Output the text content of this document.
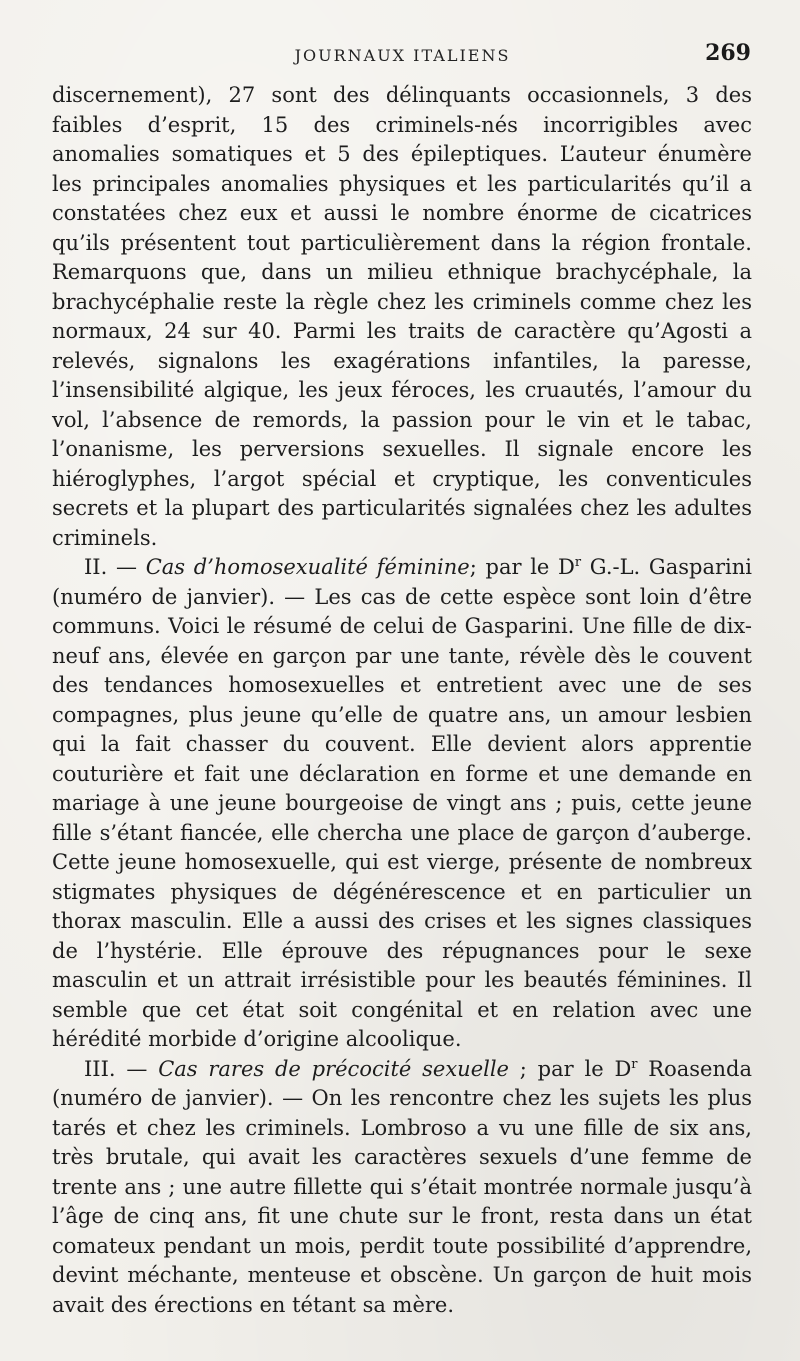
JOURNAUX ITALIENS	269

discernement), 27 sont des délinquants occasionnels, 3 des faibles d’esprit, 15 des criminels-nés incorrigibles avec anomalies somatiques et 5 des épileptiques. L’auteur énumère les principales anomalies physiques et les particularités qu’il a constatées chez eux et aussi le nombre énorme de cicatrices qu’ils présentent tout particulièrement dans la région frontale. Remarquons que, dans un milieu ethnique brachycéphale, la brachycéphalie reste la règle chez les criminels comme chez les normaux, 24 sur 40. Parmi les traits de caractère qu’Agosti a relevés, signalons les exagérations infantiles, la paresse, l’insensibilité algique, les jeux féroces, les cruautés, l’amour du vol, l’absence de remords, la passion pour le vin et le tabac, l’onanisme, les perversions sexuelles. Il signale encore les hiéroglyphes, l’argot spécial et cryptique, les conventicules secrets et la plupart des particularités signalées chez les adultes criminels.

II. — Cas d’homosexualité féminine; par le $D^r$ G.-L. Gasparini (numéro de janvier). — Les cas de cette espèce sont loin d’être communs. Voici le résumé de celui de Gasparini. Une fille de dix-neuf ans, élevée en garçon par une tante, révèle dès le couvent des tendances homosexuelles et entretient avec une de ses compagnes, plus jeune qu’elle de quatre ans, un amour lesbien qui la fait chasser du couvent. Elle devient alors apprentie couturière et fait une déclaration en forme et une demande en mariage à une jeune bourgeoise de vingt ans ; puis, cette jeune fille s’étant fiancée, elle chercha une place de garçon d’auberge. Cette jeune homosexuelle, qui est vierge, présente de nombreux stigmates physiques de dégénérescence et en particulier un thorax masculin. Elle a aussi des crises et les signes classiques de l’hystérie. Elle éprouve des répugnances pour le sexe masculin et un attrait irrésistible pour les beautés féminines. Il semble que cet état soit congénital et en relation avec une hérédité morbide d’origine alcoolique.

III. — Cas rares de précocité sexuelle ; par le $D^r$ Roasenda (numéro de janvier). — On les rencontre chez les sujets les plus tarés et chez les criminels. Lombroso a vu une fille de six ans, très brutale, qui avait les caractères sexuels d’une femme de trente ans ; une autre fillette qui s’était montrée normale jusqu’à l’âge de cinq ans, fit une chute sur le front, resta dans un état comateux pendant un mois, perdit toute possibilité d’apprendre, devint méchante, menteuse et obscène. Un garçon de huit mois avait des érections en tétant sa mère.
